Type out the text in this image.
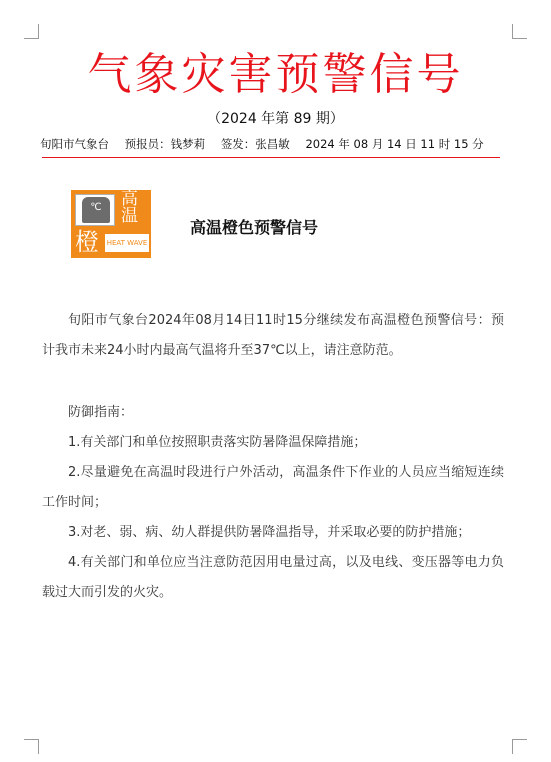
气象灾害预警信号
（2024 年第 89 期）
旬阳市气象台 预报员：钱梦莉 签发：张昌敏 2024 年 08 月 14 日 11 时 15 分
℃	高
温
橙 HEAT WAVE
高温橙色预警信号

旬阳市气象台2024年08月14日11时15分继续发布高温橙色预警信号：预计我市未来24小时内最高气温将升至37℃以上，请注意防范。

防御指南：

1.有关部门和单位按照职责落实防暑降温保障措施；

2.尽量避免在高温时段进行户外活动，高温条件下作业的人员应当缩短连续工作时间；

3.对老、弱、病、幼人群提供防暑降温指导，并采取必要的防护措施；

4.有关部门和单位应当注意防范因用电量过高，以及电线、变压器等电力负载过大而引发的火灾。
